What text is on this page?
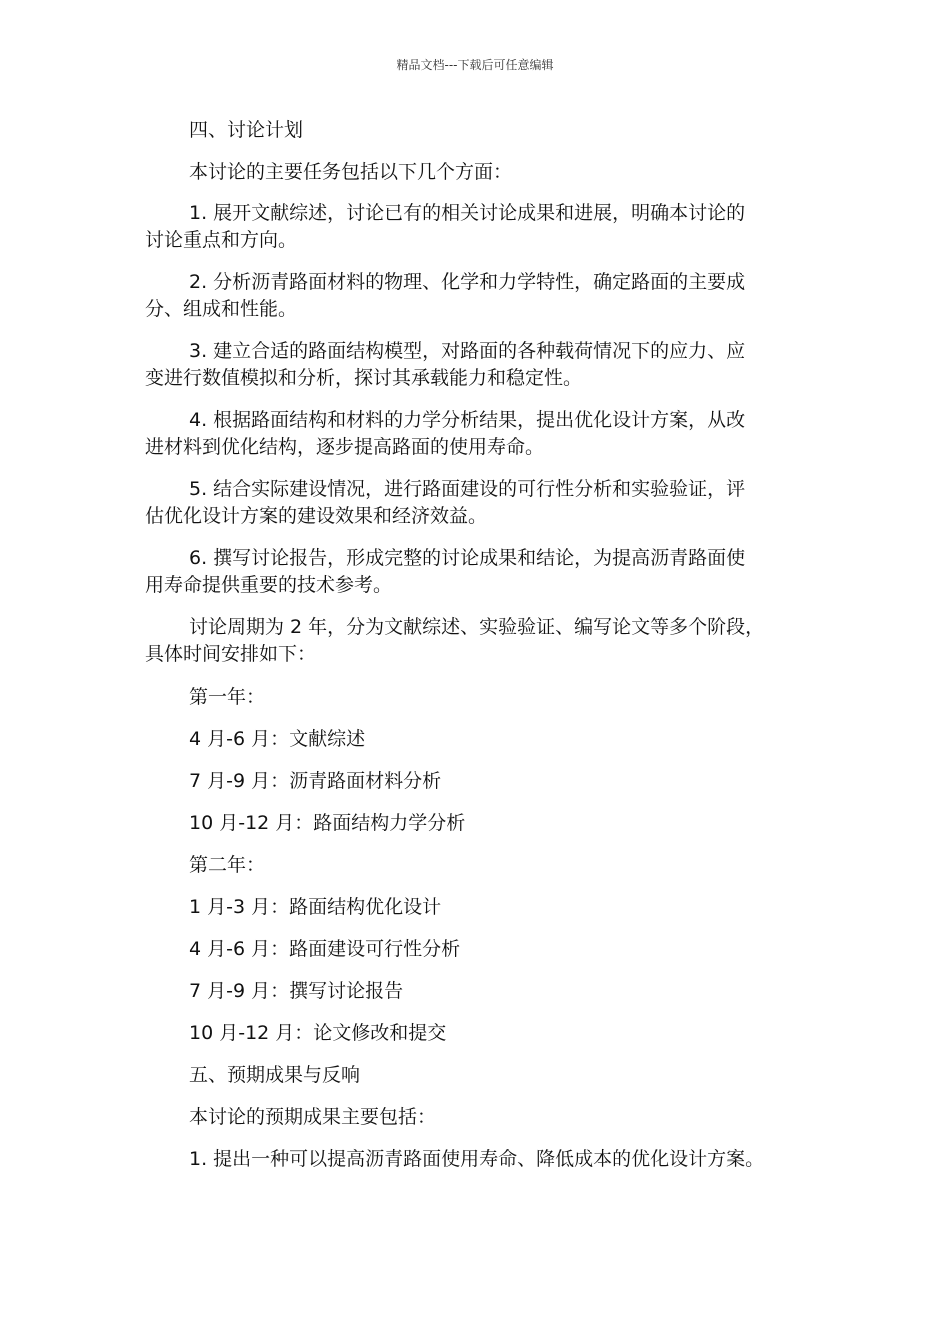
精品文档---下载后可任意编辑

四、讨论计划

本讨论的主要任务包括以下几个方面：

1. 展开文献综述，讨论已有的相关讨论成果和进展，明确本讨论的
讨论重点和方向。

2. 分析沥青路面材料的物理、化学和力学特性，确定路面的主要成
分、组成和性能。

3. 建立合适的路面结构模型，对路面的各种载荷情况下的应力、应
变进行数值模拟和分析，探讨其承载能力和稳定性。

4. 根据路面结构和材料的力学分析结果，提出优化设计方案，从改
进材料到优化结构，逐步提高路面的使用寿命。

5. 结合实际建设情况，进行路面建设的可行性分析和实验验证，评
估优化设计方案的建设效果和经济效益。

6. 撰写讨论报告，形成完整的讨论成果和结论，为提高沥青路面使
用寿命提供重要的技术参考。

讨论周期为 2 年，分为文献综述、实验验证、编写论文等多个阶段，
具体时间安排如下：

第一年：

4 月-6 月：文献综述

7 月-9 月：沥青路面材料分析

10 月-12 月：路面结构力学分析

第二年：

1 月-3 月：路面结构优化设计

4 月-6 月：路面建设可行性分析

7 月-9 月：撰写讨论报告

10 月-12 月：论文修改和提交

五、预期成果与反响

本讨论的预期成果主要包括：

1. 提出一种可以提高沥青路面使用寿命、降低成本的优化设计方案。
